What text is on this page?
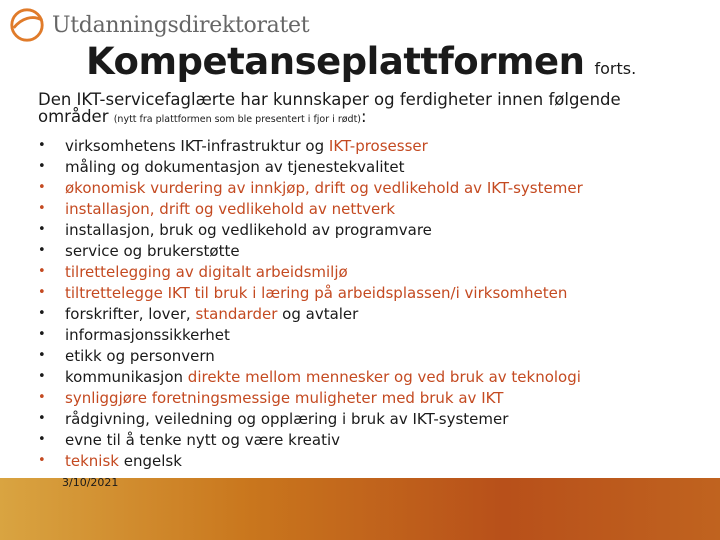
Utdanningsdirektoratet
Kompetanseplattformen forts.
Den IKT-servicefaglærte har kunnskaper og ferdigheter innen følgende
områder (nytt fra plattformen som ble presentert i fjor i rødt):
•	virksomhetens IKT-infrastruktur og IKT-prosesser
•	måling og dokumentasjon av tjenestekvalitet
•	økonomisk vurdering av innkjøp, drift og vedlikehold av IKT-systemer
•	installasjon, drift og vedlikehold av nettverk
•	installasjon, bruk og vedlikehold av programvare
•	service og brukerstøtte
•	tilrettelegging av digitalt arbeidsmiljø
•	tiltrettelegge IKT til bruk i læring på arbeidsplassen/i virksomheten
•	forskrifter, lover, standarder og avtaler
•	informasjonssikkerhet
•	etikk og personvern
•	kommunikasjon direkte mellom mennesker og ved bruk av teknologi
•	synliggjøre foretningsmessige muligheter med bruk av IKT
•	rådgivning, veiledning og opplæring i bruk av IKT-systemer
•	evne til å tenke nytt og være kreativ
•	teknisk engelsk
3/10/2021
